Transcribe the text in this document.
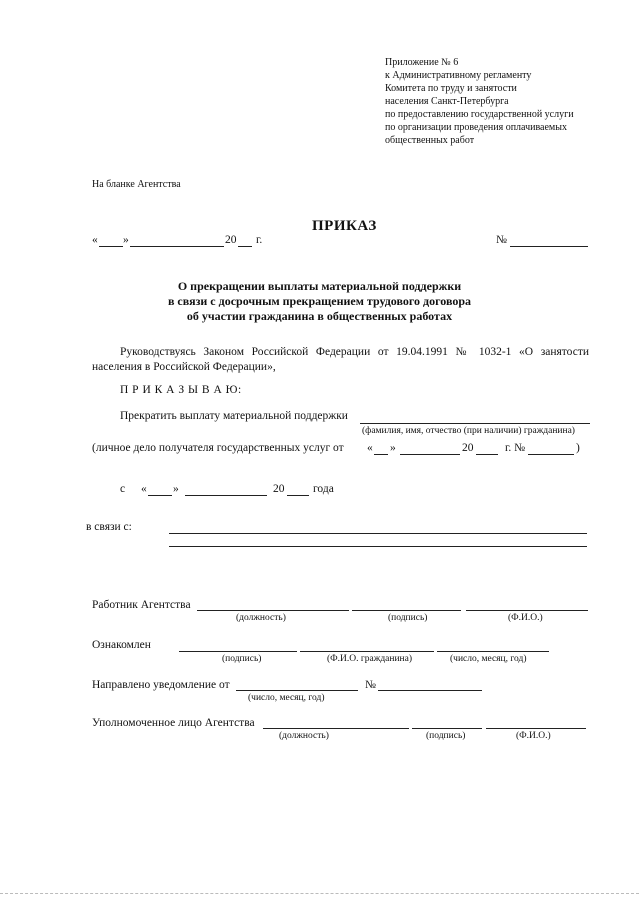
Приложение № 6
к Административному регламенту
Комитета по труду и занятости
населения Санкт-Петербурга
по предоставлению государственной услуги
по организации проведения оплачиваемых
общественных работ
На бланке Агентства
ПРИКАЗ
« »	20 г.	№
О прекращении выплаты материальной поддержки
в связи с досрочным прекращением трудового договора
об участии гражданина в общественных работах
Руководствуясь Законом Российской Федерации от 19.04.1991 № 1032-1 «О занятости
населения в Российской Федерации»,
П Р И К А З Ы В А Ю:
Прекратить выплату материальной поддержки
(фамилия, имя, отчество (при наличии) гражданина)
(личное дело получателя государственных услуг от « »	20	г. №	)
с « »	20 года
в связи с:
Работник Агентства
(должность)	(подпись)	(Ф.И.О.)
Ознакомлен
(подпись)	(Ф.И.О. гражданина)	(число, месяц, год)
Направлено уведомление от	№
(число, месяц, год)
Уполномоченное лицо Агентства
(должность)	(подпись)	(Ф.И.О.)
